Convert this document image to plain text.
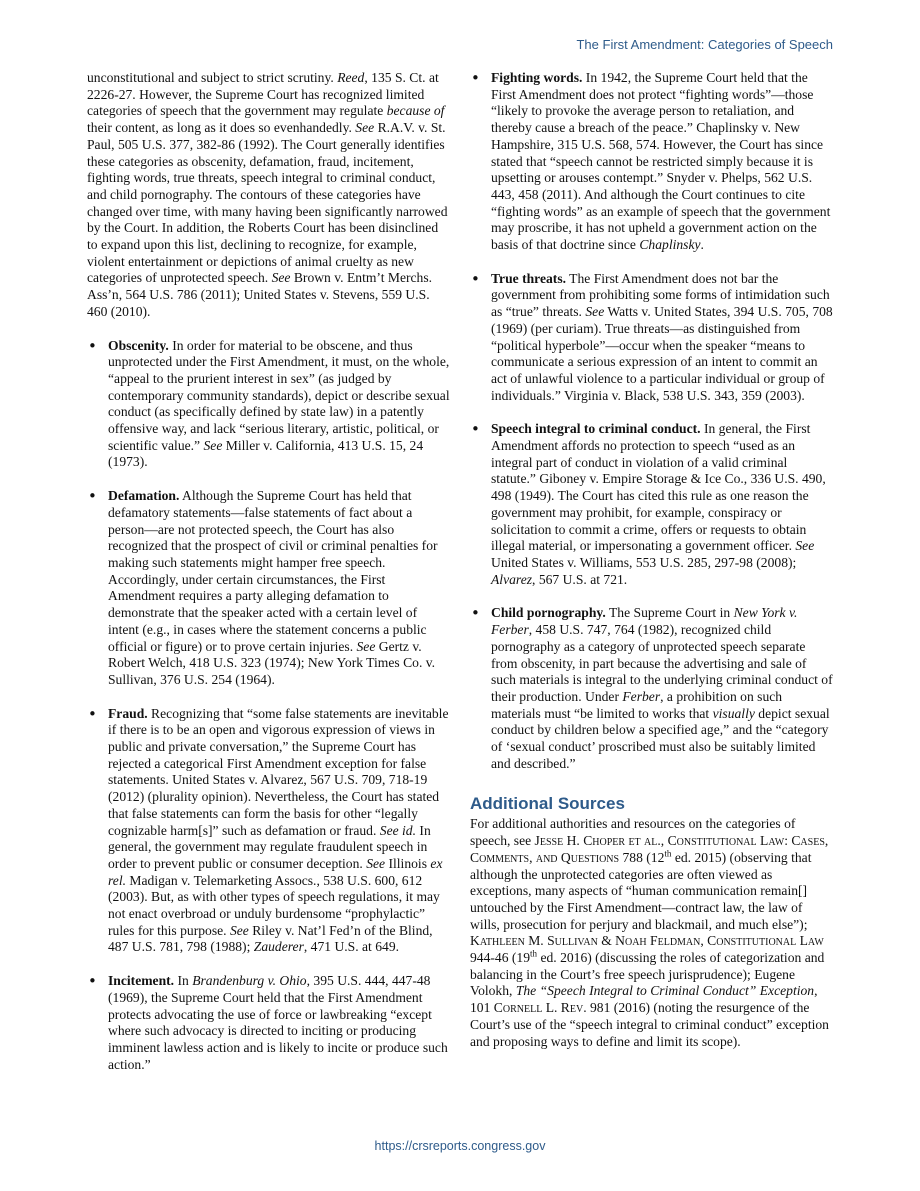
The First Amendment: Categories of Speech

unconstitutional and subject to strict scrutiny. Reed, 135 S. Ct. at 2226-27. However, the Supreme Court has recognized limited categories of speech that the government may regulate because of their content, as long as it does so evenhandedly. See R.A.V. v. St. Paul, 505 U.S. 377, 382-86 (1992). The Court generally identifies these categories as obscenity, defamation, fraud, incitement, fighting words, true threats, speech integral to criminal conduct, and child pornography. The contours of these categories have changed over time, with many having been significantly narrowed by the Court. In addition, the Roberts Court has been disinclined to expand upon this list, declining to recognize, for example, violent entertainment or depictions of animal cruelty as new categories of unprotected speech. See Brown v. Entm’t Merchs. Ass’n, 564 U.S. 786 (2011); United States v. Stevens, 559 U.S. 460 (2010).

• Obscenity. In order for material to be obscene, and thus unprotected under the First Amendment, it must, on the whole, “appeal to the prurient interest in sex” (as judged by contemporary community standards), depict or describe sexual conduct (as specifically defined by state law) in a patently offensive way, and lack “serious literary, artistic, political, or scientific value.” See Miller v. California, 413 U.S. 15, 24 (1973).
• Defamation. Although the Supreme Court has held that defamatory statements—false statements of fact about a person—are not protected speech, the Court has also recognized that the prospect of civil or criminal penalties for making such statements might hamper free speech. Accordingly, under certain circumstances, the First Amendment requires a party alleging defamation to demonstrate that the speaker acted with a certain level of intent (e.g., in cases where the statement concerns a public official or figure) or to prove certain injuries. See Gertz v. Robert Welch, 418 U.S. 323 (1974); New York Times Co. v. Sullivan, 376 U.S. 254 (1964).
• Fraud. Recognizing that “some false statements are inevitable if there is to be an open and vigorous expression of views in public and private conversation,” the Supreme Court has rejected a categorical First Amendment exception for false statements. United States v. Alvarez, 567 U.S. 709, 718-19 (2012) (plurality opinion). Nevertheless, the Court has stated that false statements can form the basis for other “legally cognizable harm[s]” such as defamation or fraud. See id. In general, the government may regulate fraudulent speech in order to prevent public or consumer deception. See Illinois ex rel. Madigan v. Telemarketing Assocs., 538 U.S. 600, 612 (2003). But, as with other types of speech regulations, it may not enact overbroad or unduly burdensome “prophylactic” rules for this purpose. See Riley v. Nat’l Fed’n of the Blind, 487 U.S. 781, 798 (1988); Zauderer, 471 U.S. at 649.
• Incitement. In Brandenburg v. Ohio, 395 U.S. 444, 447-48 (1969), the Supreme Court held that the First Amendment protects advocating the use of force or lawbreaking “except where such advocacy is directed to inciting or producing imminent lawless action and is likely to incite or produce such action.”
• Fighting words. In 1942, the Supreme Court held that the First Amendment does not protect “fighting words”—those “likely to provoke the average person to retaliation, and thereby cause a breach of the peace.” Chaplinsky v. New Hampshire, 315 U.S. 568, 574. However, the Court has since stated that “speech cannot be restricted simply because it is upsetting or arouses contempt.” Snyder v. Phelps, 562 U.S. 443, 458 (2011). And although the Court continues to cite “fighting words” as an example of speech that the government may proscribe, it has not upheld a government action on the basis of that doctrine since Chaplinsky.
• True threats. The First Amendment does not bar the government from prohibiting some forms of intimidation such as “true” threats. See Watts v. United States, 394 U.S. 705, 708 (1969) (per curiam). True threats—as distinguished from “political hyperbole”—occur when the speaker “means to communicate a serious expression of an intent to commit an act of unlawful violence to a particular individual or group of individuals.” Virginia v. Black, 538 U.S. 343, 359 (2003).
• Speech integral to criminal conduct. In general, the First Amendment affords no protection to speech “used as an integral part of conduct in violation of a valid criminal statute.” Giboney v. Empire Storage & Ice Co., 336 U.S. 490, 498 (1949). The Court has cited this rule as one reason the government may prohibit, for example, conspiracy or solicitation to commit a crime, offers or requests to obtain illegal material, or impersonating a government officer. See United States v. Williams, 553 U.S. 285, 297-98 (2008); Alvarez, 567 U.S. at 721.
• Child pornography. The Supreme Court in New York v. Ferber, 458 U.S. 747, 764 (1982), recognized child pornography as a category of unprotected speech separate from obscenity, in part because the advertising and sale of such materials is integral to the underlying criminal conduct of their production. Under Ferber, a prohibition on such materials must “be limited to works that visually depict sexual conduct by children below a specified age,” and the “category of ‘sexual conduct’ proscribed must also be suitably limited and described.”
Additional Sources

For additional authorities and resources on the categories of speech, see Jesse H. Choper et al., Constitutional Law: Cases, Comments, and Questions 788 (12th ed. 2015) (observing that although the unprotected categories are often viewed as exceptions, many aspects of “human communication remain[] untouched by the First Amendment—contract law, the law of wills, prosecution for perjury and blackmail, and much else”); Kathleen M. Sullivan & Noah Feldman, Constitutional Law 944-46 (19th ed. 2016) (discussing the roles of categorization and balancing in the Court’s free speech jurisprudence); Eugene Volokh, The “Speech Integral to Criminal Conduct” Exception, 101 Cornell L. Rev. 981 (2016) (noting the resurgence of the Court’s use of the “speech integral to criminal conduct” exception and proposing ways to define and limit its scope).

https://crsreports.congress.gov
